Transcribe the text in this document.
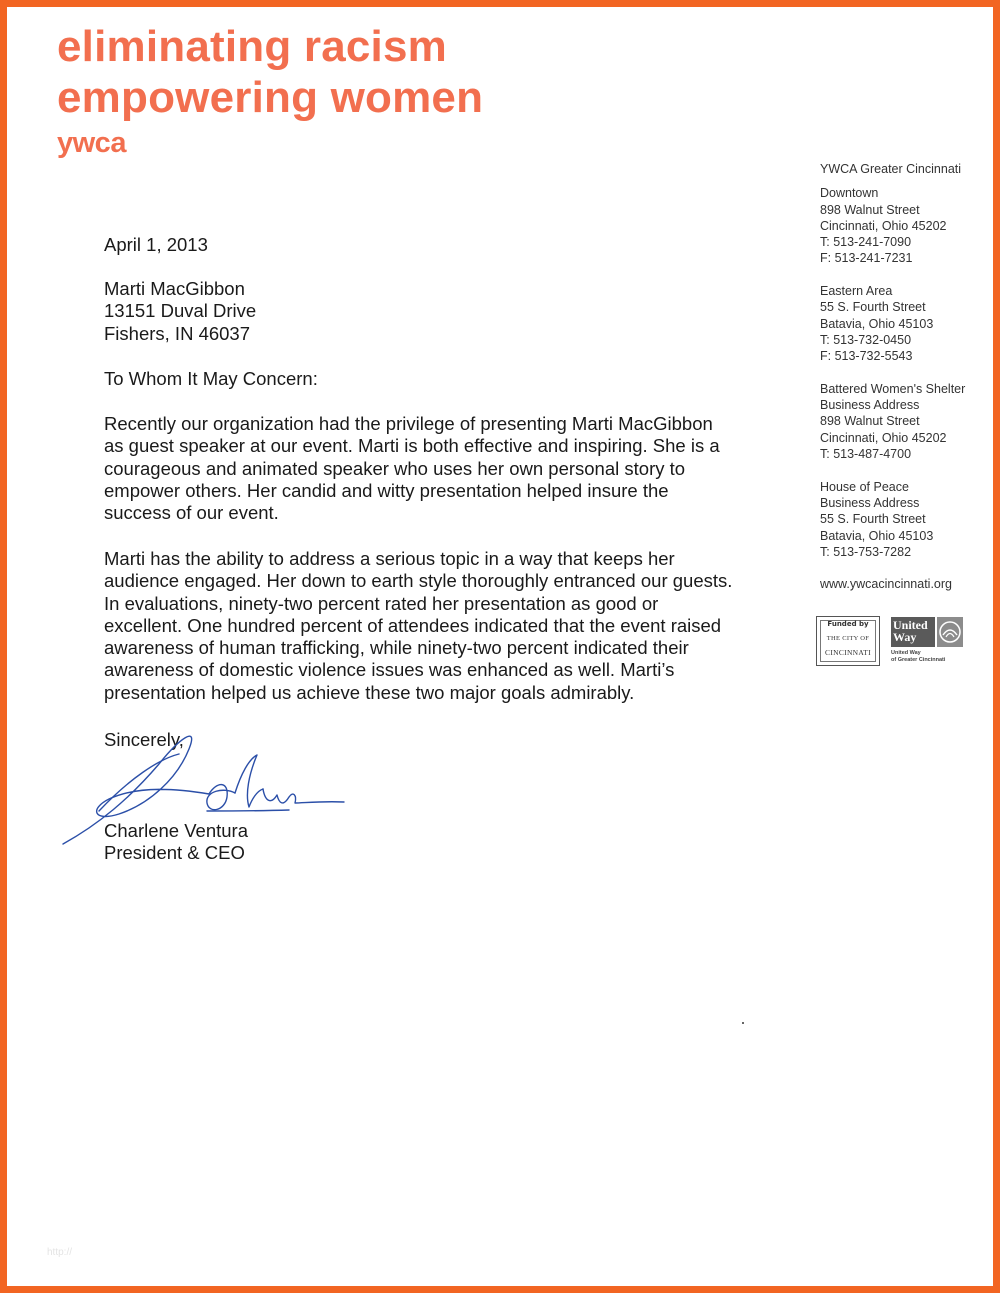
eliminating racism
empowering women
ywca
YWCA Greater Cincinnati
Downtown
898 Walnut Street
Cincinnati, Ohio 45202
T: 513-241-7090
F: 513-241-7231
Eastern Area
55 S. Fourth Street
Batavia, Ohio 45103
T: 513-732-0450
F: 513-732-5543
Battered Women's Shelter
Business Address
898 Walnut Street
Cincinnati, Ohio 45202
T: 513-487-4700
House of Peace
Business Address
55 S. Fourth Street
Batavia, Ohio 45103
T: 513-753-7282
www.ywcacincinnati.org
Funded by
THE CITY OF
CINCINNATI
United
Way
United Way
of Greater Cincinnati
April 1, 2013
Marti MacGibbon
13151 Duval Drive
Fishers, IN 46037
To Whom It May Concern:
Recently our organization had the privilege of presenting Marti MacGibbon
as guest speaker at our event. Marti is both effective and inspiring. She is a
courageous and animated speaker who uses her own personal story to
empower others. Her candid and witty presentation helped insure the
success of our event.
Marti has the ability to address a serious topic in a way that keeps her
audience engaged. Her down to earth style thoroughly entranced our guests.
In evaluations, ninety-two percent rated her presentation as good or
excellent. One hundred percent of attendees indicated that the event raised
awareness of human trafficking, while ninety-two percent indicated their
awareness of domestic violence issues was enhanced as well. Marti’s
presentation helped us achieve these two major goals admirably.
Sincerely,
Charlene Ventura
President & CEO
http://
